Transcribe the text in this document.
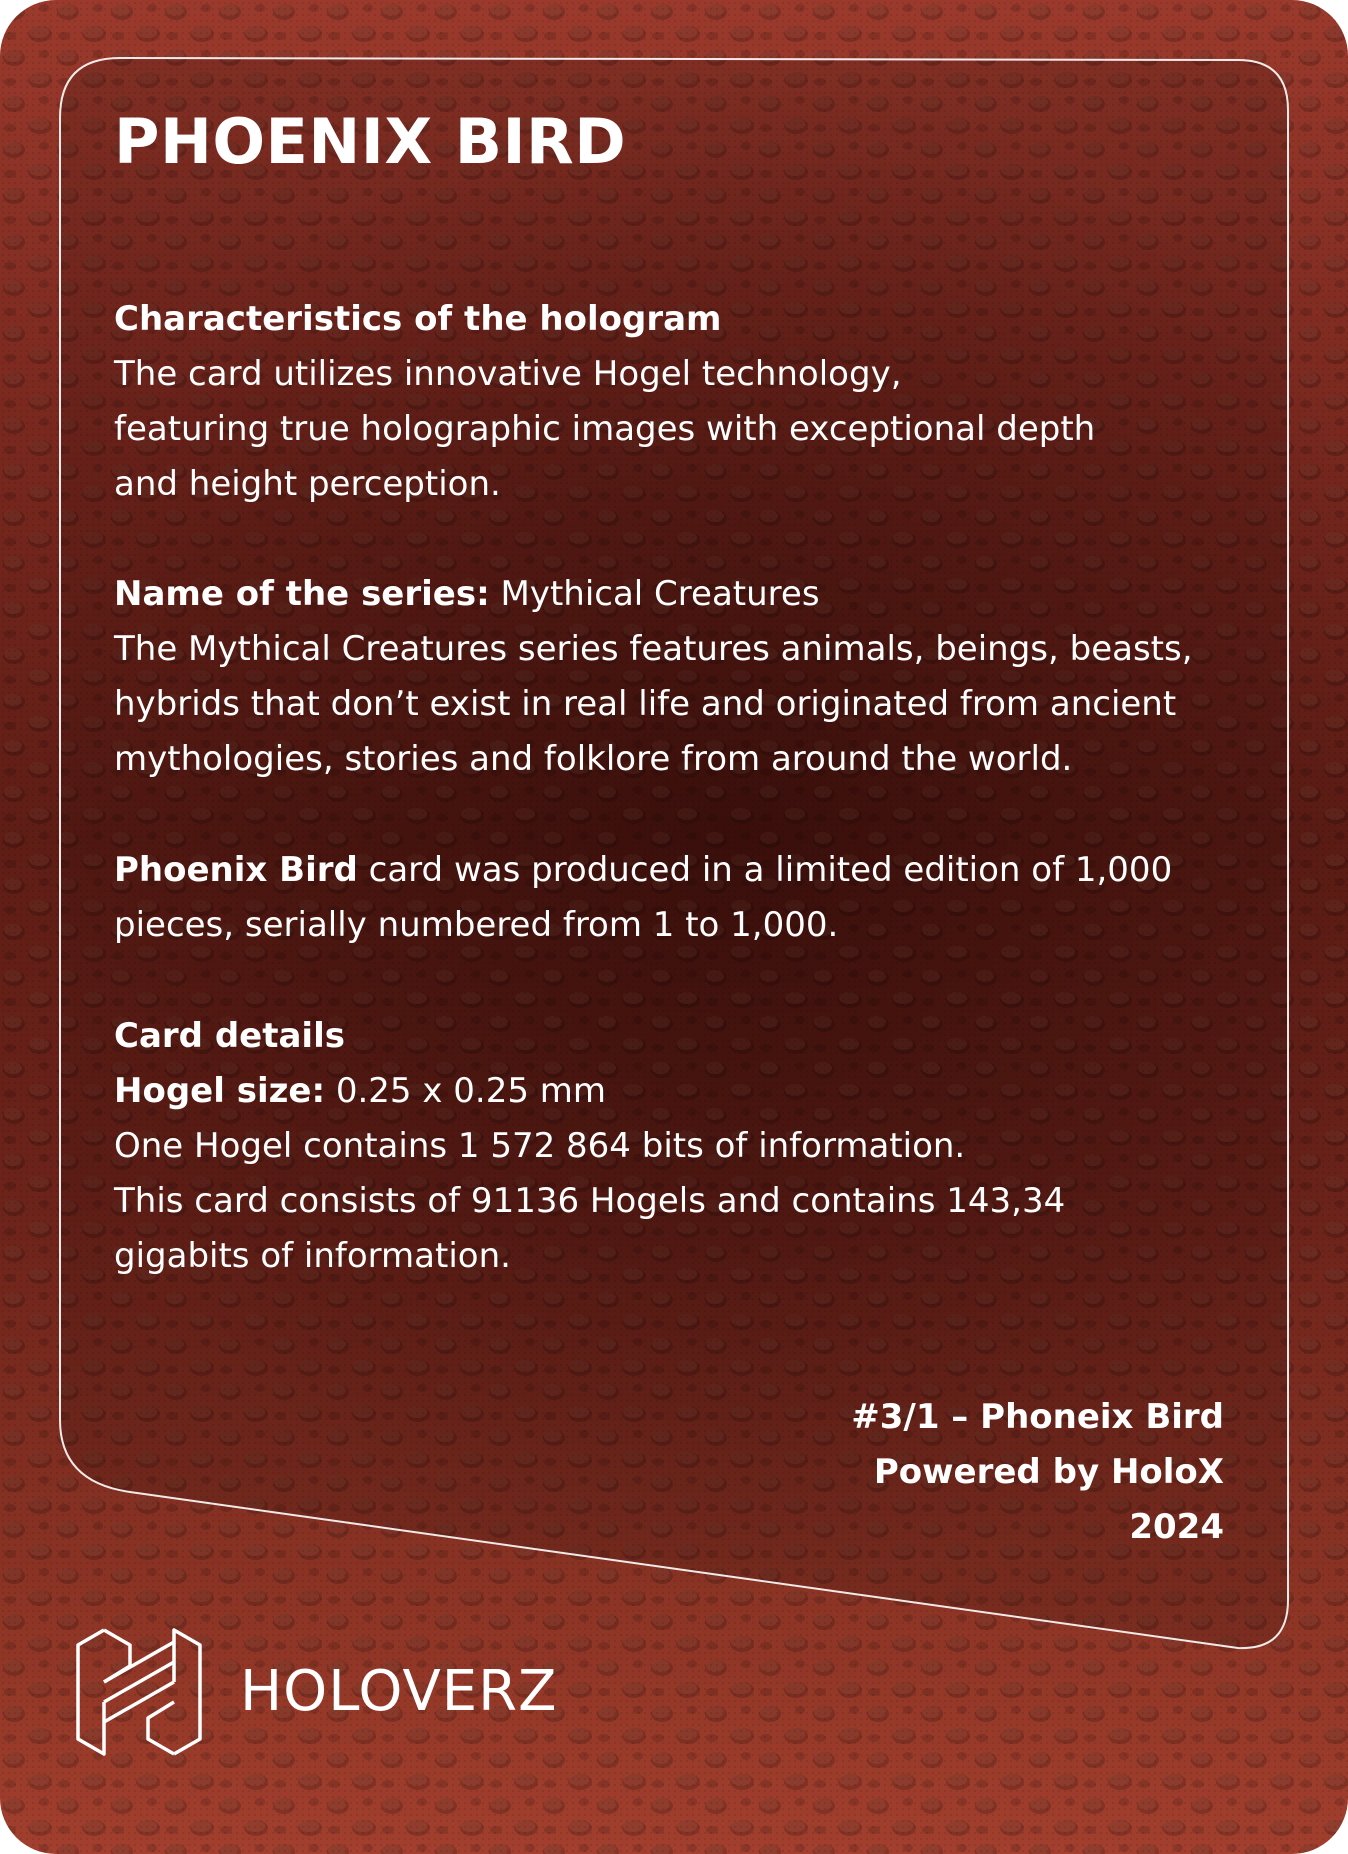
PHOENIX BIRD
Characteristics of the hologram
The card utilizes innovative Hogel technology,
featuring true holographic images with exceptional depth
and height perception.
Name of the series: Mythical Creatures
The Mythical Creatures series features animals, beings, beasts,
hybrids that don’t exist in real life and originated from ancient
mythologies, stories and folklore from around the world.
Phoenix Bird card was produced in a limited edition of 1,000
pieces, serially numbered from 1 to 1,000.
Card details
Hogel size: 0.25 x 0.25 mm
One Hogel contains 1 572 864 bits of information.
This card consists of 91136 Hogels and contains 143,34
gigabits of information.
#3/1 – Phoneix Bird
Powered by HoloX
2024
HOLOVERZ
